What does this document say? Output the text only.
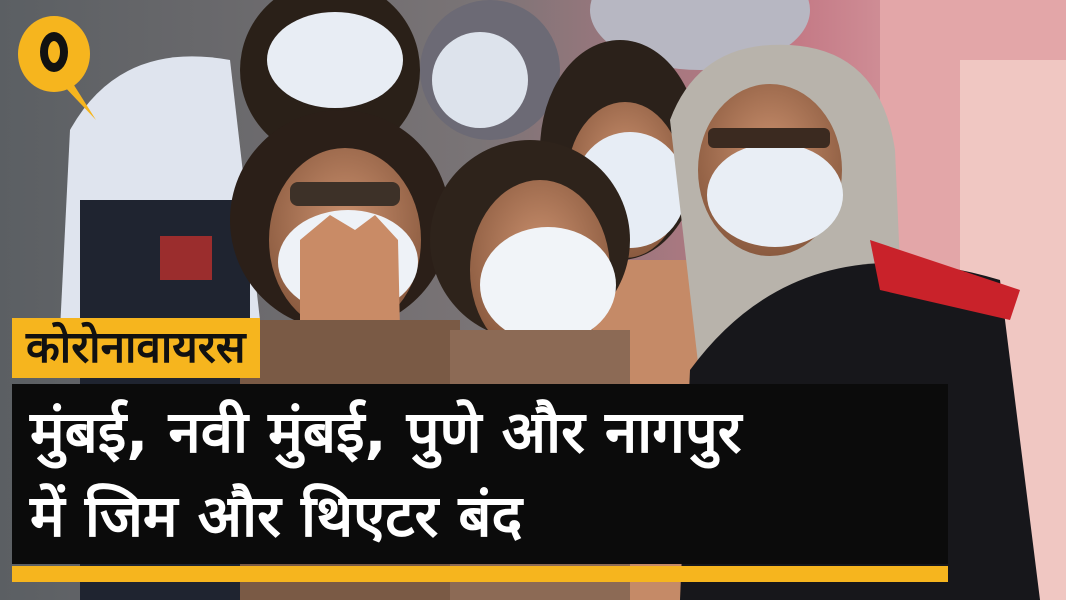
कोरोनावायरस
मुंबई, नवी मुंबई, पुणे और नागपुर
में जिम और थिएटर बंद
